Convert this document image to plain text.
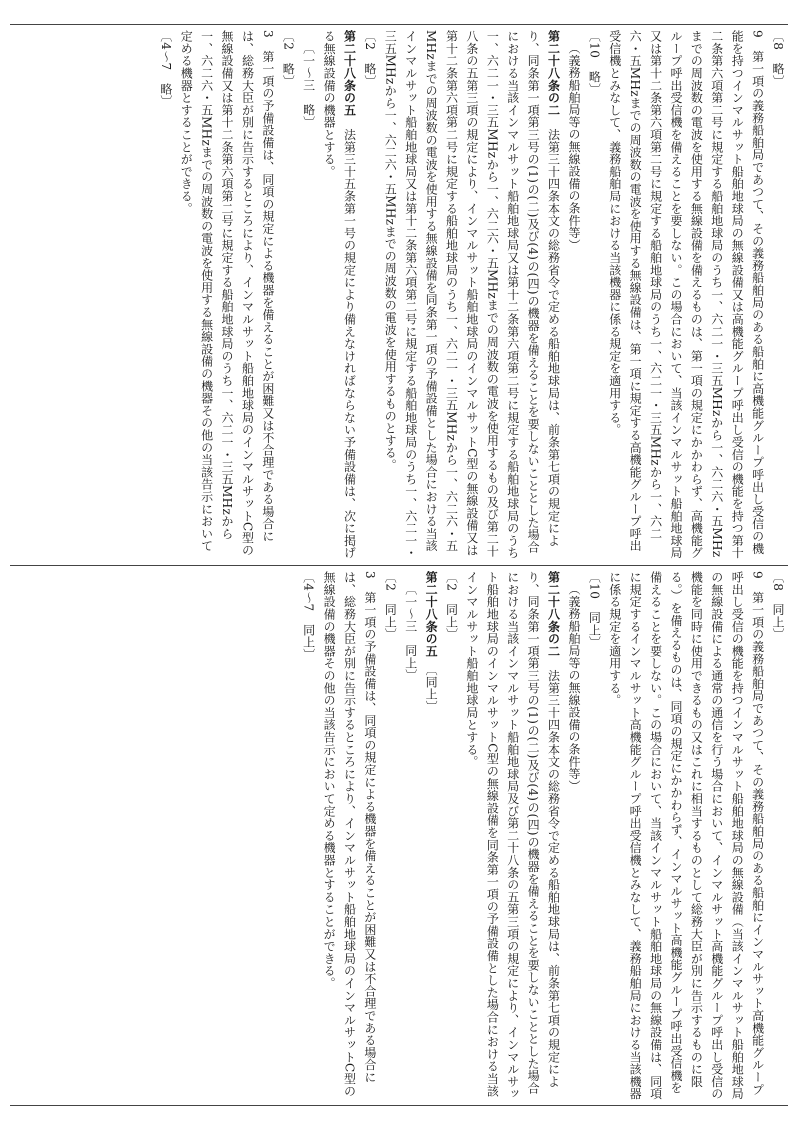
〔8　略〕

9　第一項の義務船舶局であつて、その義務船舶局のある船舶に高機能グループ呼出し受信の機能を持つインマルサット船舶地球局の無線設備又は高機能グループ呼出し受信の機能を持つ第十二条第六項第二号に規定する船舶地球局のうち一、六二一・三五MHzから一、六二六・五MHzまでの周波数の電波を使用する無線設備を備えるものは、第一項の規定にかかわらず、高機能グループ呼出受信機を備えることを要しない。この場合において、当該インマルサット船舶地球局又は第十二条第六項第二号に規定する船舶地球局のうち一、六二一・三五MHzから一、六二六・五MHzまでの周波数の電波を使用する無線設備は、第一項に規定する高機能グループ呼出受信機とみなして、義務船舶局における当該機器に係る規定を適用する。

〔10　略〕

（義務船舶局等の無線設備の条件等）

第二十八条の二　法第三十四条本文の総務省令で定める船舶地球局は、前条第七項の規定により、同条第一項第三号の(1)の(二)及び(4)の(四)の機器を備えることを要しないこととした場合における当該インマルサット船舶地球局又は第十二条第六項第二号に規定する船舶地球局のうち一、六二一・三五MHzから一、六二六・五MHzまでの周波数の電波を使用するもの及び第二十八条の五第三項の規定により、インマルサット船舶地球局のインマルサットC型の無線設備又は第十二条第六項第二号に規定する船舶地球局のうち一、六二一・三五MHzから一、六二六・五MHzまでの周波数の電波を使用する無線設備を同条第一項の予備設備とした場合における当該インマルサット船舶地球局又は第十二条第六項第二号に規定する船舶地球局のうち一、六二一・三五MHzから一、六二六・五MHzまでの周波数の電波を使用するものとする。

〔2　略〕

第二十八条の五　法第三十五条第一号の規定により備えなければならない予備設備は、次に掲げる無線設備の機器とする。

〔一～三　略〕

〔2　略〕

3　第一項の予備設備は、同項の規定による機器を備えることが困難又は不合理である場合には、総務大臣が別に告示するところにより、インマルサット船舶地球局のインマルサットC型の無線設備又は第十二条第六項第二号に規定する船舶地球局のうち一、六二一・三五MHzから一、六二六・五MHzまでの周波数の電波を使用する無線設備の機器その他の当該告示において定める機器とすることができる。

〔4～7　略〕

〔8　同上〕

9　第一項の義務船舶局であつて、その義務船舶局のある船舶にインマルサット高機能グループ呼出し受信の機能を持つインマルサット船舶地球局の無線設備（当該インマルサット船舶地球局の無線設備による通常の通信を行う場合において、インマルサット高機能グループ呼出し受信の機能を同時に使用できるもの又はこれに相当するものとして総務大臣が別に告示するものに限る。）を備えるものは、同項の規定にかかわらず、インマルサット高機能グループ呼出受信機を備えることを要しない。この場合において、当該インマルサット船舶地球局の無線設備は、同項に規定するインマルサット高機能グループ呼出受信機とみなして、義務船舶局における当該機器に係る規定を適用する。

〔10　同上〕

（義務船舶局等の無線設備の条件等）

第二十八条の二　法第三十四条本文の総務省令で定める船舶地球局は、前条第七項の規定により、同条第一項第三号の(1)の(二)及び(4)の(四)の機器を備えることを要しないこととした場合における当該インマルサット船舶地球局及び第二十八条の五第三項の規定により、インマルサット船舶地球局のインマルサットC型の無線設備を同条第一項の予備設備とした場合における当該インマルサット船舶地球局とする。

〔2　同上〕

第二十八条の五　〔同上〕

〔一～三　同上〕

〔2　同上〕

3　第一項の予備設備は、同項の規定による機器を備えることが困難又は不合理である場合には、総務大臣が別に告示するところにより、インマルサット船舶地球局のインマルサットC型の無線設備の機器その他の当該告示において定める機器とすることができる。

〔4～7　同上〕
